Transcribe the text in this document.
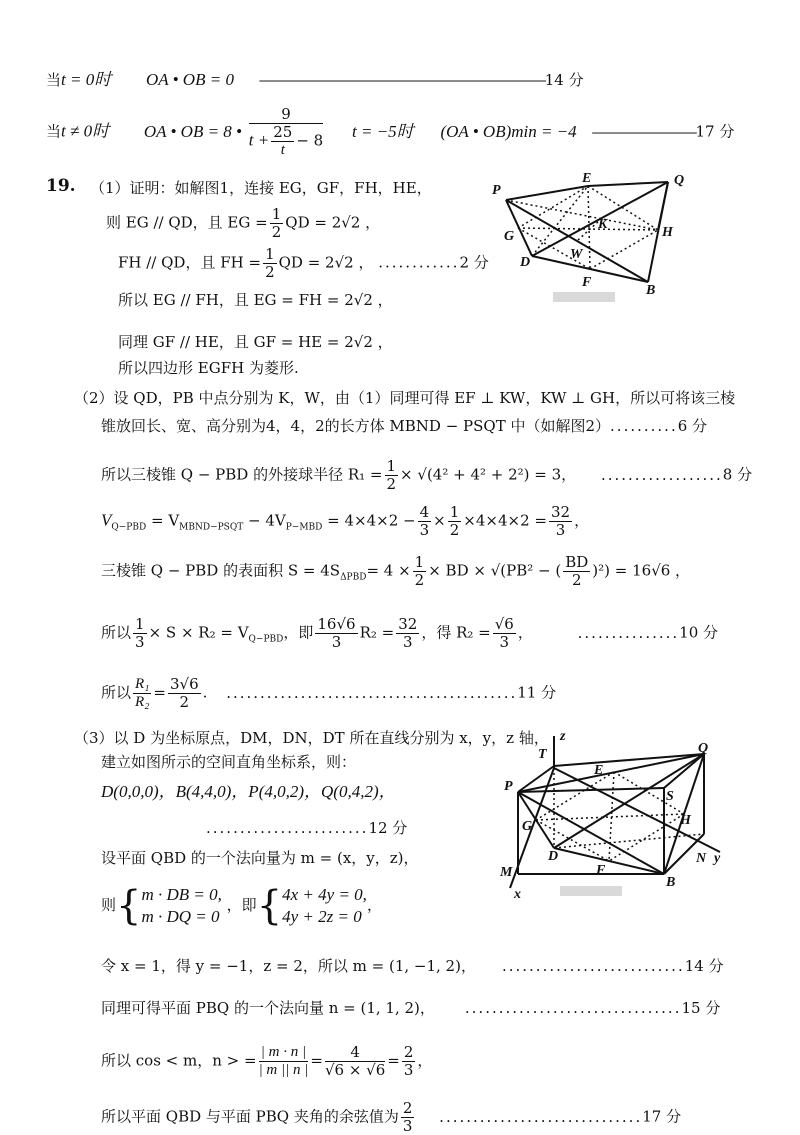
当t = 0时 OA • OB = 0 ——————————————————————14 分
当t ≠ 0时 OA • OB = 8 • $\frac{9}{t + \frac{25}{t} - 8}$ t = −5时 (OA • OB)min = −4 ————————17 分
19. （1）证明：如解图1，连接 EG，GF，FH，HE，
则 EG // QD，且 EG = $\frac{1}{2}$ QD = 2√2 ，
FH // QD，且 FH = $\frac{1}{2}$ QD = 2√2 ， ............2 分
所以 EG // FH，且 EG = FH = 2√2 ，
同理 GF // HE，且 GF = HE = 2√2 ，
所以四边形 EGFH 为菱形.
P
E	Q
G
K
H
D
W
F
B
（2）设 QD，PB 中点分别为 K，W，由（1）同理可得 EF ⊥ KW，KW ⊥ GH，所以可将该三棱
锥放回长、宽、高分别为4，4，2的长方体 MBND − PSQT 中（如解图2）..........6 分
所以三棱锥 Q − PBD 的外接球半径 $R_1 = \frac{1}{2} \times √(4^2 + 4^2 + 2^2) = 3$， ..................8 分
$V_{Q-PBD} = V_{MBND-PSQT} - 4V_{P-MBD} = 4\times 4\times 2 - \frac{4}{3} \times \frac{1}{2} \times 4\times 4\times 2 = \frac{32}{3}$ ，
三棱锥 Q − PBD 的表面积 $S = 4S_{\Delta PBD}= 4 \times \frac{1}{2}$ × BD × √(PB² − ( $\frac{BD}{2} )^2) = 16√6$ ，
所以 $\frac{1}{3} \times S \times R_2 = V_{Q-PBD}$，即 $\frac{16√6}{3} R_2 = \frac{32}{3}$ ，得 $R_2 = \frac{√6}{3}$ ，	...............10 分
所以 $\frac{\text{R₁}}{\text{R₂}} = \frac{3√6}{2}$ . ...........................................11 分
（3）以 D 为坐标原点，DM，DN，DT 所在直线分别为 x，y，z 轴，
建立如图所示的空间直角坐标系，则：
D(0,0,0)，B(4,4,0)，P(4,0,2)，Q(0,4,2)，
........................12 分
设平面 QBD 的一个法向量为 m = (x，y，z)，
则{m · DB = 0,
m · DQ = 0 ，即{4x + 4y = 0,
4y + 2z = 0，
令 x = 1，得 y = −1，z = 2，所以 m = (1, −1, 2)， ...........................14 分
同理可得平面 PBQ 的一个法向量 n = (1, 1, 2)， ................................15 分
所以 cos < m，n > = $\frac{| m \cdot n |}{| m || n |} = \frac{4}{√6 \times √6} = \frac{2}{3}$ ，
所以平面 QBD 与平面 PBQ 夹角的余弦值为 $\frac{2}{3} ..............................17$ 分
z
T	Q
E
P
S
G	H
D	N y
M	F
B
x
